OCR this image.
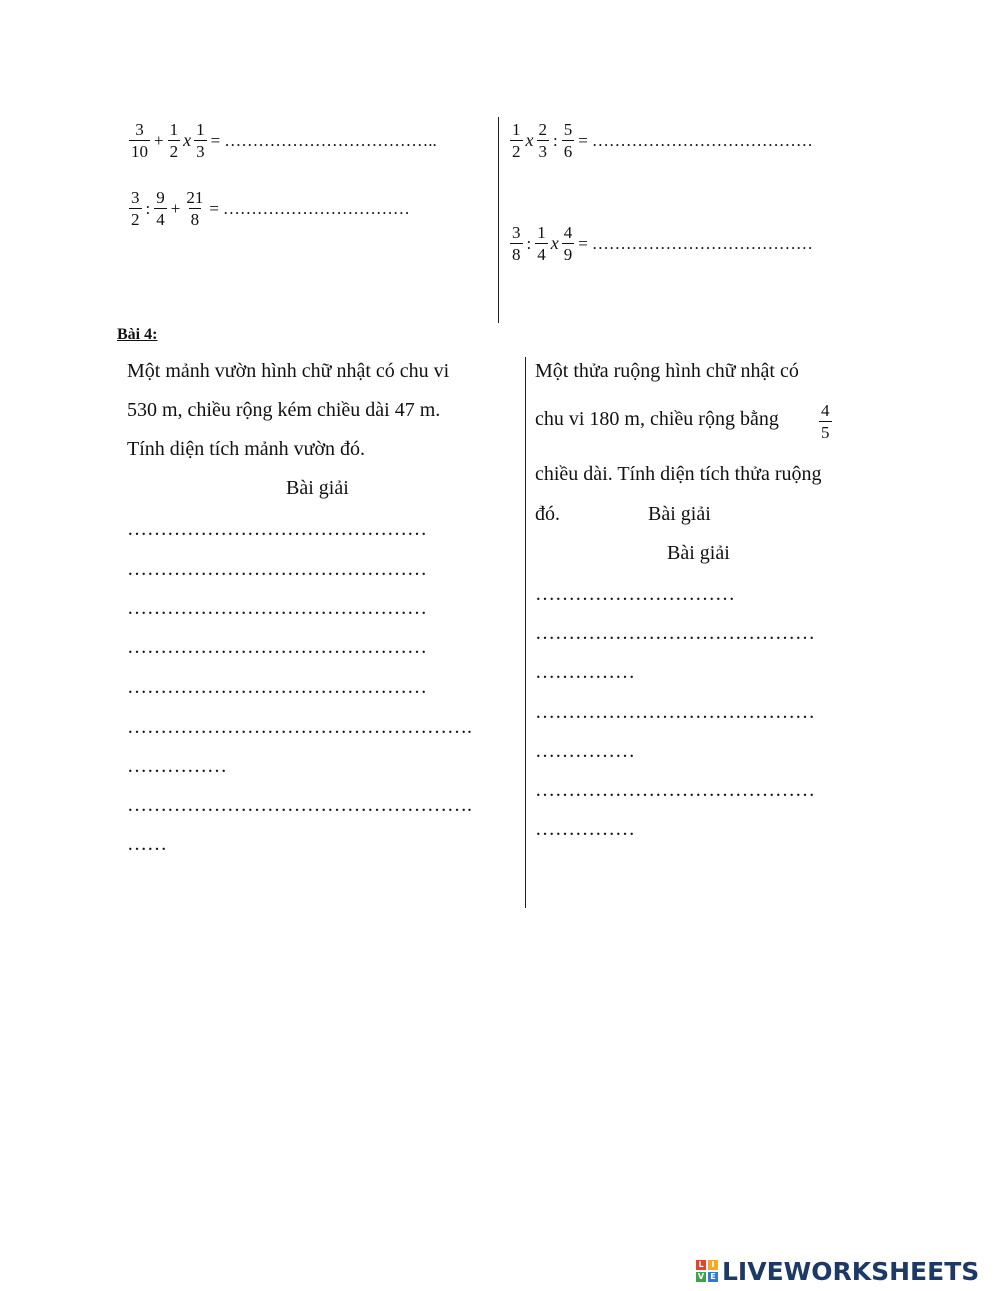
$\frac{3}{10} + \frac{1}{2}$ x $\frac{1}{3}$ = ………………………………..
$\frac{3}{2}$ : $\frac{9}{4} + \frac{21}{8}$ = ……………………………
$\frac{1}{2}$ x $\frac{2}{3}$ : $\frac{5}{6}$ = …………………………………
$\frac{3}{8}$ : $\frac{1}{4}$ x $\frac{4}{9}$ = …………………………………
Bài 4:
Một mảnh vườn hình chữ nhật có chu vi
530 m, chiều rộng kém chiều dài 47 m.
Tính diện tích mảnh vườn đó.
Bài giải
………………………………………
………………………………………
………………………………………
………………………………………
………………………………………
…………………………………………….
……………
…………………………………………….
……
Một thửa ruộng hình chữ nhật có
chu vi 180 m, chiều rộng bằng $\frac{4}{5}$
chiều dài. Tính diện tích thửa ruộng
đó.	Bài giải
Bài giải
…………………………
……………………………………
……………
……………………………………
……………
……………………………………
……………
L I
V E LIVEWORKSHEETS
